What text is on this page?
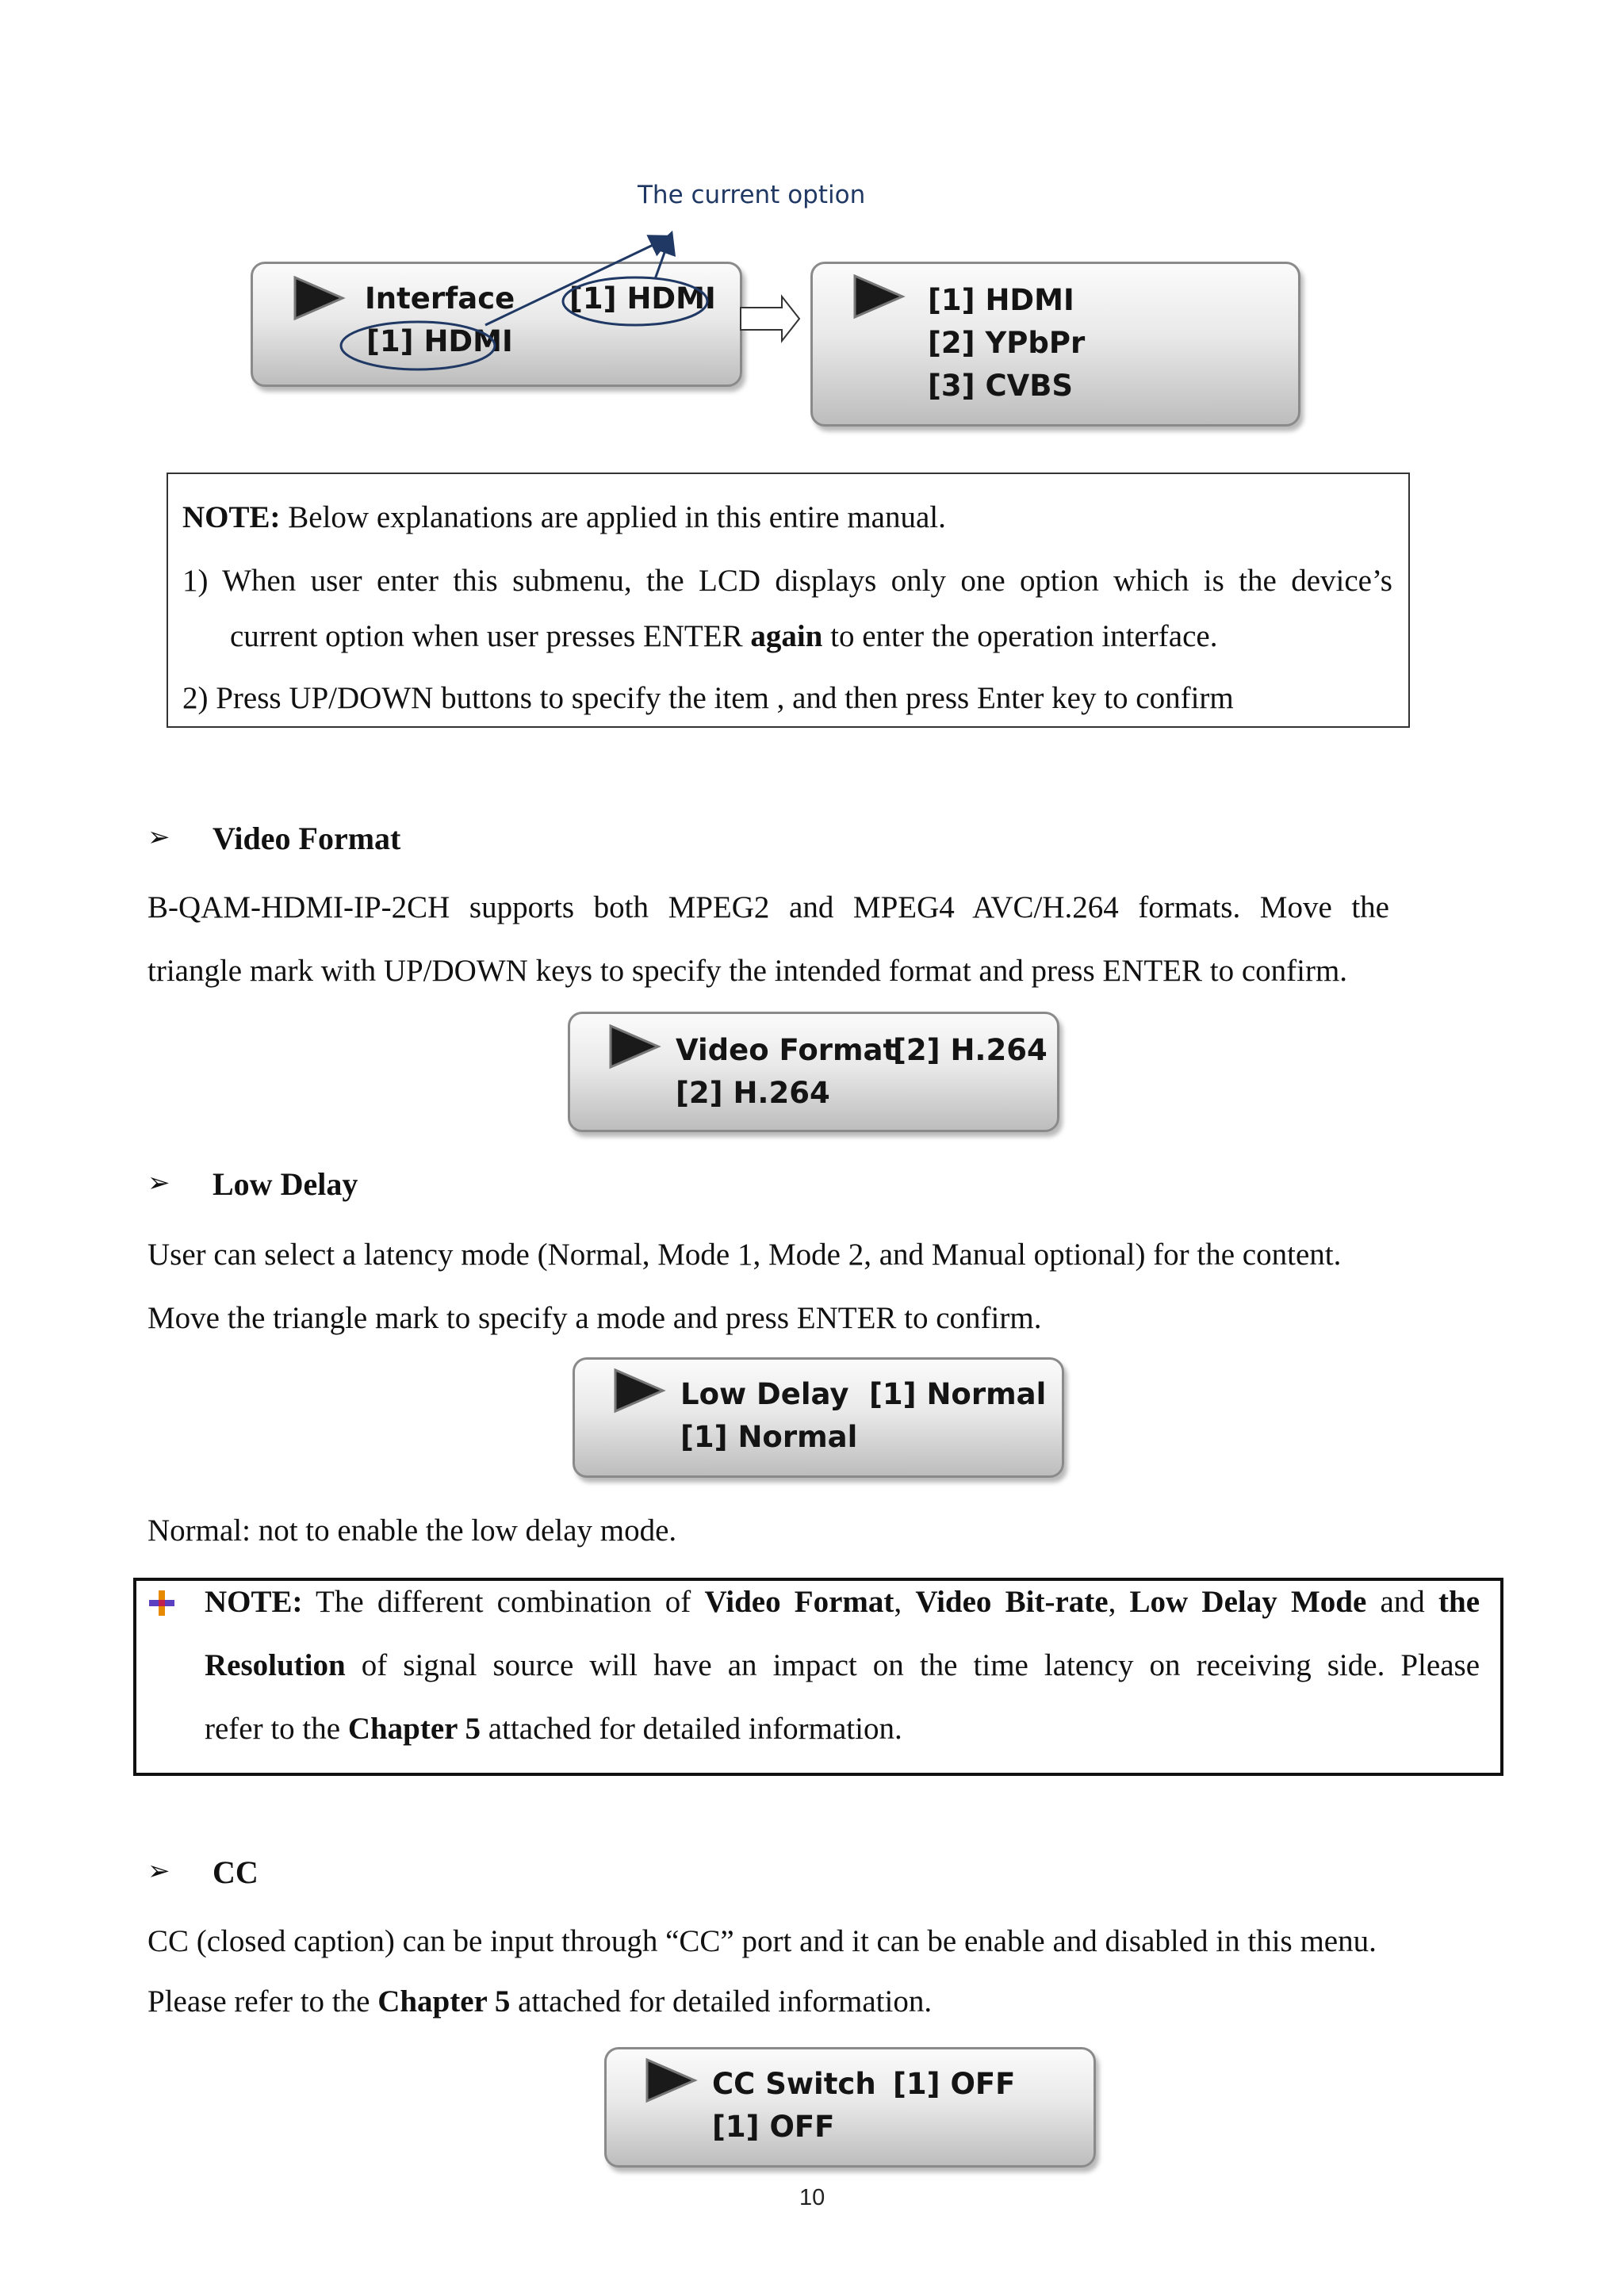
The current option
Interface [1] HDMI
[1] HDMI
[1] HDMI
[2] YPbPr
[3] CVBS
NOTE: Below explanations are applied in this entire manual.
1) When user enter this submenu, the LCD displays only one option which is the device’s
current option when user presses ENTER again to enter the operation interface.
2) Press UP/DOWN buttons to specify the item , and then press Enter key to confirm
➢ Video Format
B-QAM-HDMI-IP-2CH supports both MPEG2 and MPEG4 AVC/H.264 formats. Move the
triangle mark with UP/DOWN keys to specify the intended format and press ENTER to confirm.
Video Format
[2] H.264
[2] H.264
➢ Low Delay
User can select a latency mode (Normal, Mode 1, Mode 2, and Manual optional) for the content.
Move the triangle mark to specify a mode and press ENTER to confirm.
Low Delay [1] Normal
[1] Normal
Normal: not to enable the low delay mode.
NOTE: The different combination of Video Format, Video Bit-rate, Low Delay Mode and the
Resolution of signal source will have an impact on the time latency on receiving side. Please
refer to the Chapter 5 attached for detailed information.
➢ CC
CC (closed caption) can be input through “CC” port and it can be enable and disabled in this menu.
Please refer to the Chapter 5 attached for detailed information.
CC Switch [1] OFF
[1] OFF
10
